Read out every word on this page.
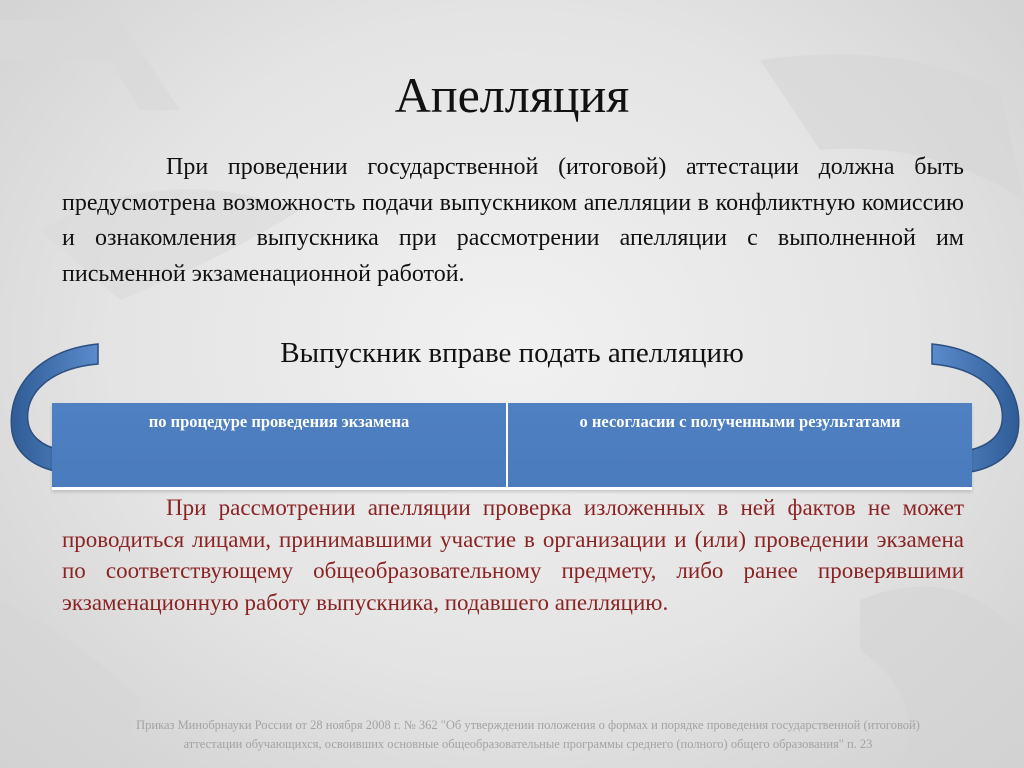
Апелляция

При проведении государственной (итоговой) аттестации должна быть предусмотрена возможность подачи выпускником апелляции в конфликтную комиссию и ознакомления выпускника при рассмотрении апелляции с выполненной им письменной экзаменационной работой.

Выпускник вправе подать апелляцию

по процедуре проведения экзамена	о несогласии с полученными результатами

При рассмотрении апелляции проверка изложенных в ней фактов не может проводиться лицами, принимавшими участие в организации и (или) проведении экзамена по соответствующему общеобразовательному предмету, либо ранее проверявшими экзаменационную работу выпускника, подавшего апелляцию.

Приказ Минобрнауки России от 28 ноября 2008 г. № 362 "Об утверждении положения о формах и порядке проведения государственной (итоговой)
аттестации обучающихся, освоивших основные общеобразовательные программы среднего (полного) общего образования" п. 23
